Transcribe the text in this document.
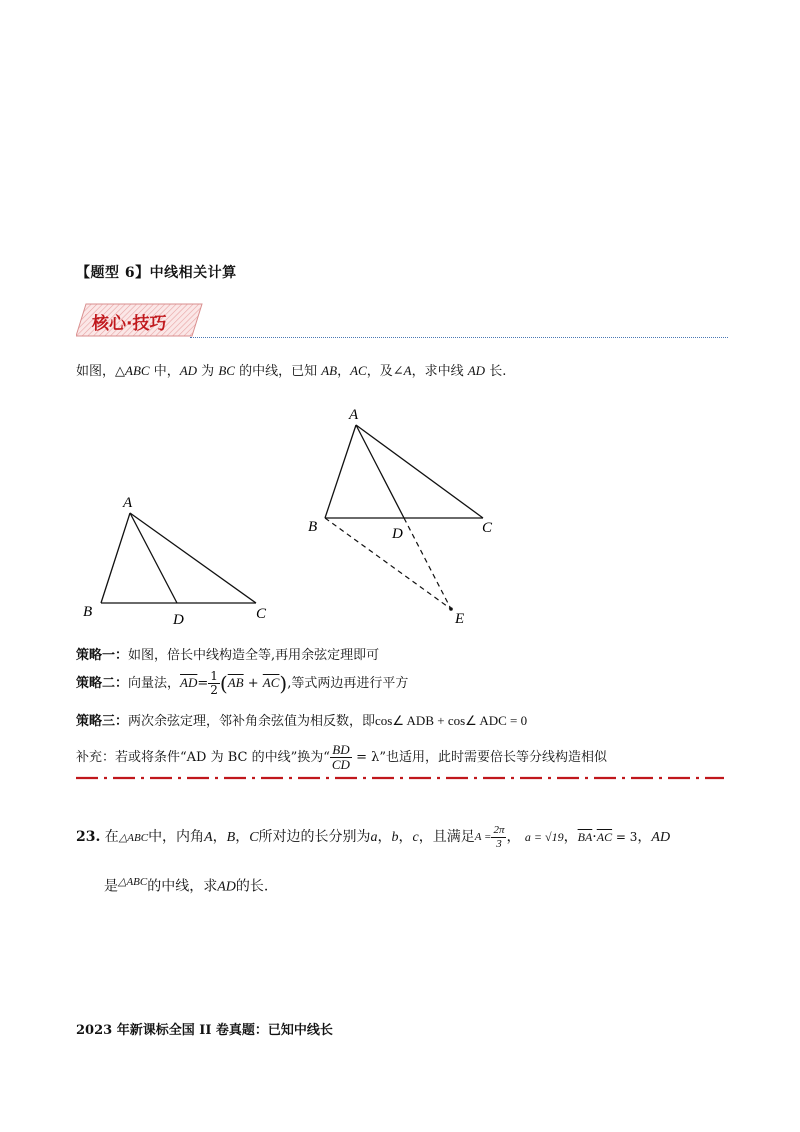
【题型 6】中线相关计算
核心·技巧
如图，△ABC 中，AD 为 BC 的中线，已知 AB，AC，及∠A，求中线 AD 长.
A
B	D	C
A
B	D	C
E
策略一：如图，倍长中线构造全等,再用余弦定理即可
策略二：向量法，$\overline{AD}= \frac{1}{2} (\overline{AB} + \overline{AC})$,等式两边再进行平方
策略三：两次余弦定理，邻补角余弦值为相反数，即cos∠ ADB + cos∠ ADC = 0
补充：若或将条件“AD 为 BC 的中线”换为“ $\frac{BD}{CD} = \lambda$”也适用，此时需要倍长等分线构造相似
23. 在△ABC中，内角A，B，C所对边的长分别为a，b，c，且满足$A = \frac{2\pi}{3}$ ， a = √19，$\overline{BA}\cdot\overline{AC} = 3$，AD
是$^{\triangle ABC}$的中线，求AD的长.
2023 年新课标全国 II 卷真题：已知中线长
